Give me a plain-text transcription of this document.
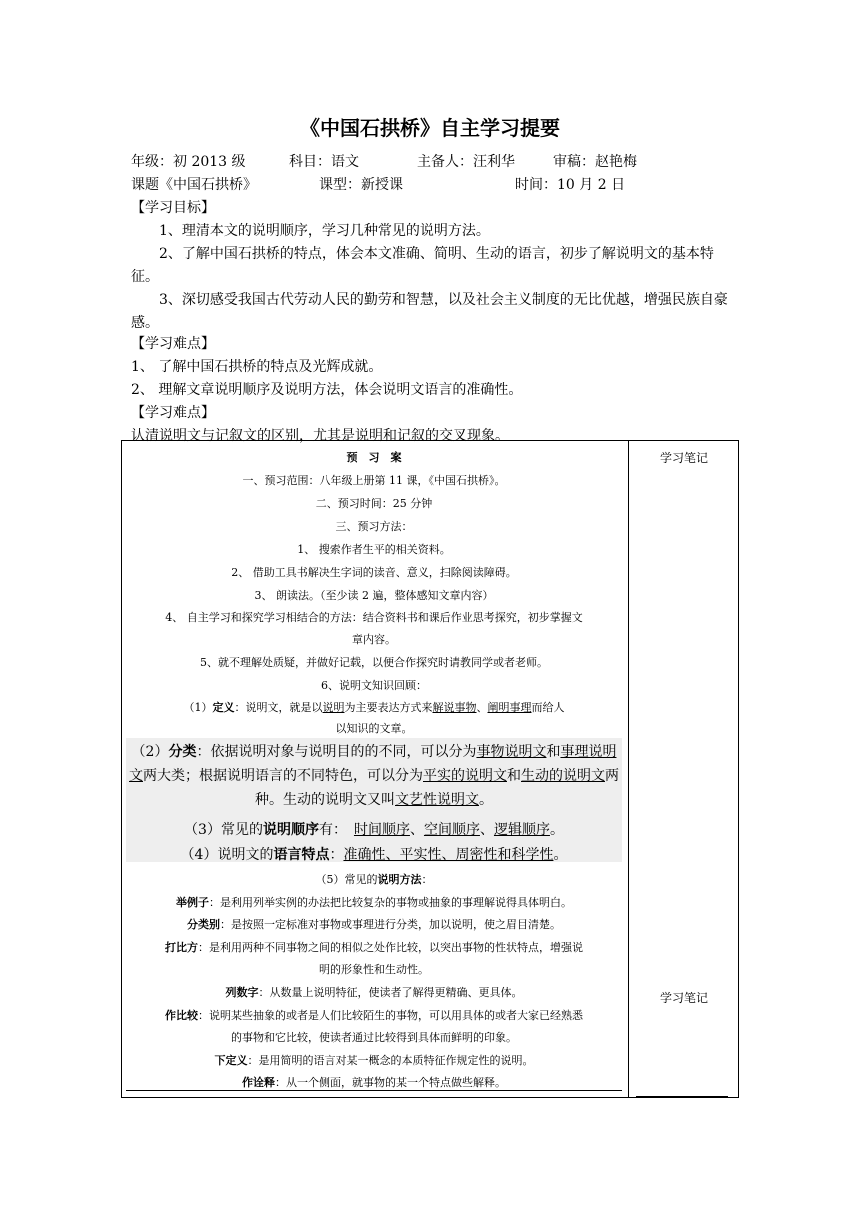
《中国石拱桥》自主学习提要
年级：初 2013 级	科目：语文	主备人：汪利华	审稿：赵艳梅
课题《中国石拱桥》	课型：新授课	时间：10 月 2 日
【学习目标】
1、理清本文的说明顺序，学习几种常见的说明方法。
2、了解中国石拱桥的特点，体会本文准确、简明、生动的语言，初步了解说明文的基本特征。
3、深切感受我国古代劳动人民的勤劳和智慧，以及社会主义制度的无比优越，增强民族自豪感。
【学习难点】
1、 了解中国石拱桥的特点及光辉成就。
2、 理解文章说明顺序及说明方法，体会说明文语言的准确性。
【学习难点】
认清说明文与记叙文的区别，尤其是说明和记叙的交叉现象。
学习笔记
学习笔记
预　习　案
一、预习范围：八年级上册第 11 课，《中国石拱桥》。
二、预习时间：25 分钟
三、预习方法：
1、 搜索作者生平的相关资料。
2、 借助工具书解决生字词的读音、意义，扫除阅读障碍。
3、 朗读法。（至少读 2 遍，整体感知文章内容）
4、 自主学习和探究学习相结合的方法：结合资料书和课后作业思考探究，初步掌握文
章内容。
5、就不理解处质疑，并做好记载，以便合作探究时请教同学或者老师。
6、说明文知识回顾：
（1）定义：说明文，就是以说明为主要表达方式来解说事物、阐明事理而给人
以知识的文章。
（2）分类：依据说明对象与说明目的的不同，可以分为事物说明文和事理说明文两大类；根据说明语言的不同特色，可以分为平实的说明文和生动的说明文两种。生动的说明文又叫文艺性说明文。
（3）常见的说明顺序有：　时间顺序、空间顺序、逻辑顺序。
（4）说明文的语言特点：准确性、平实性、周密性和科学性。
（5）常见的说明方法：
举例子：是利用列举实例的办法把比较复杂的事物或抽象的事理解说得具体明白。
分类别：是按照一定标准对事物或事理进行分类，加以说明，使之眉目清楚。
打比方：是利用两种不同事物之间的相似之处作比较，以突出事物的性状特点，增强说
明的形象性和生动性。
列数字：从数量上说明特征，使读者了解得更精确、更具体。
作比较：说明某些抽象的或者是人们比较陌生的事物，可以用具体的或者大家已经熟悉
的事物和它比较，使读者通过比较得到具体而鲜明的印象。
下定义：是用简明的语言对某一概念的本质特征作规定性的说明。
作诠释：从一个侧面，就事物的某一个特点做些解释。
